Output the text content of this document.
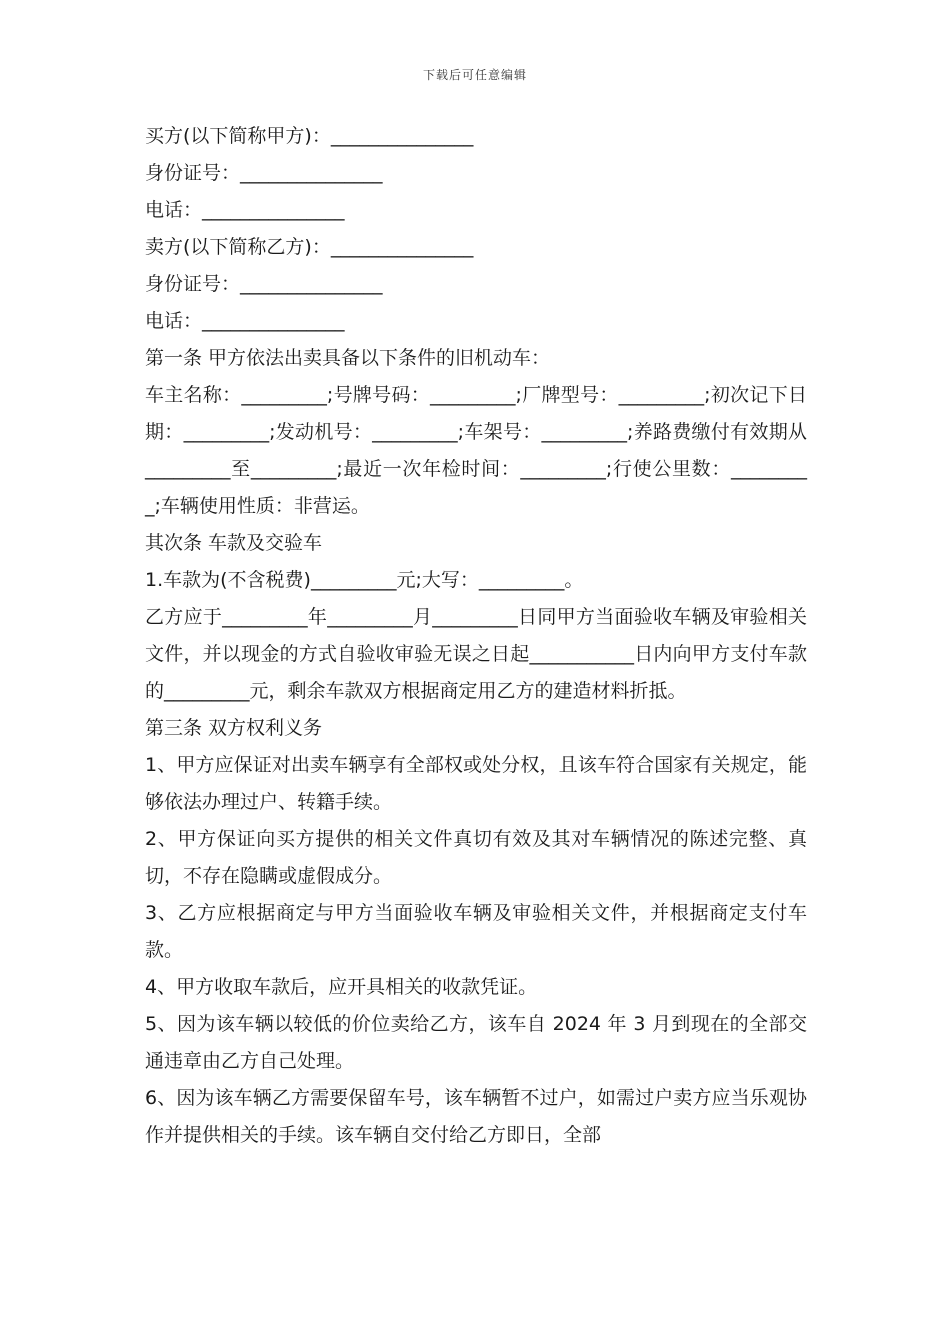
下载后可任意编辑

买方(以下简称甲方)：_______________

身份证号：_______________

电话：_______________

卖方(以下简称乙方)：_______________

身份证号：_______________

电话：_______________

第一条 甲方依法出卖具备以下条件的旧机动车：

车主名称：_________;号牌号码：_________;厂牌型号：_________;初次记下日期：_________;发动机号：_________;车架号：_________;养路费缴付有效期从_________至_________;最近一次年检时间：_________;行使公里数：_________;车辆使用性质：非营运。

其次条 车款及交验车

1.车款为(不含税费)_________元;大写：_________。

乙方应于_________年_________月_________日同甲方当面验收车辆及审验相关文件，并以现金的方式自验收审验无误之日起___________日内向甲方支付车款的_________元，剩余车款双方根据商定用乙方的建造材料折抵。

第三条 双方权利义务

1、甲方应保证对出卖车辆享有全部权或处分权，且该车符合国家有关规定，能够依法办理过户、转籍手续。

2、甲方保证向买方提供的相关文件真切有效及其对车辆情况的陈述完整、真切，不存在隐瞒或虚假成分。

3、乙方应根据商定与甲方当面验收车辆及审验相关文件，并根据商定支付车款。

4、甲方收取车款后，应开具相关的收款凭证。

5、因为该车辆以较低的价位卖给乙方，该车自 2024 年 3 月到现在的全部交通违章由乙方自己处理。

6、因为该车辆乙方需要保留车号，该车辆暂不过户，如需过户卖方应当乐观协作并提供相关的手续。该车辆自交付给乙方即日，全部
